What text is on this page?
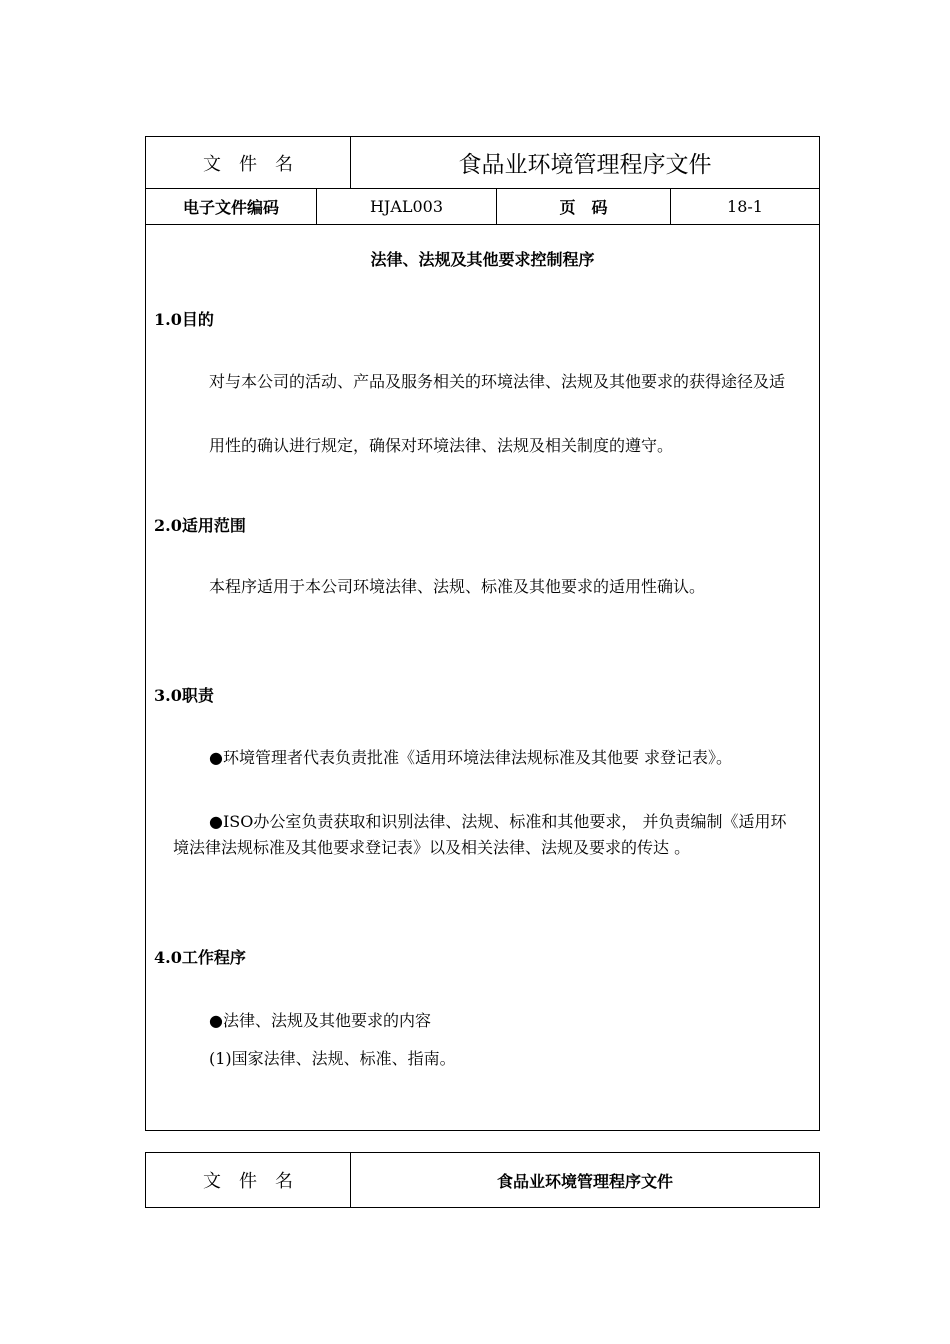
文　件　名	食品业环境管理程序文件
电子文件编码	HJAL003	页　码	18-1
法律、法规及其他要求控制程序
1.0目的
对与本公司的活动、产品及服务相关的环境法律、法规及其他要求的获得途径及适
用性的确认进行规定，确保对环境法律、法规及相关制度的遵守。
2.0适用范围
本程序适用于本公司环境法律、法规、标准及其他要求的适用性确认。
3.0职责
●环境管理者代表负责批准《适用环境法律法规标准及其他要 求登记表》。
●ISO办公室负责获取和识别法律、法规、标准和其他要求， 并负责编制《适用环境法律法规标准及其他要求登记表》以及相关法律、法规及要求的传达 。
4.0工作程序
●法律、法规及其他要求的内容
(1)国家法律、法规、标准、指南。
文　件　名	食品业环境管理程序文件
